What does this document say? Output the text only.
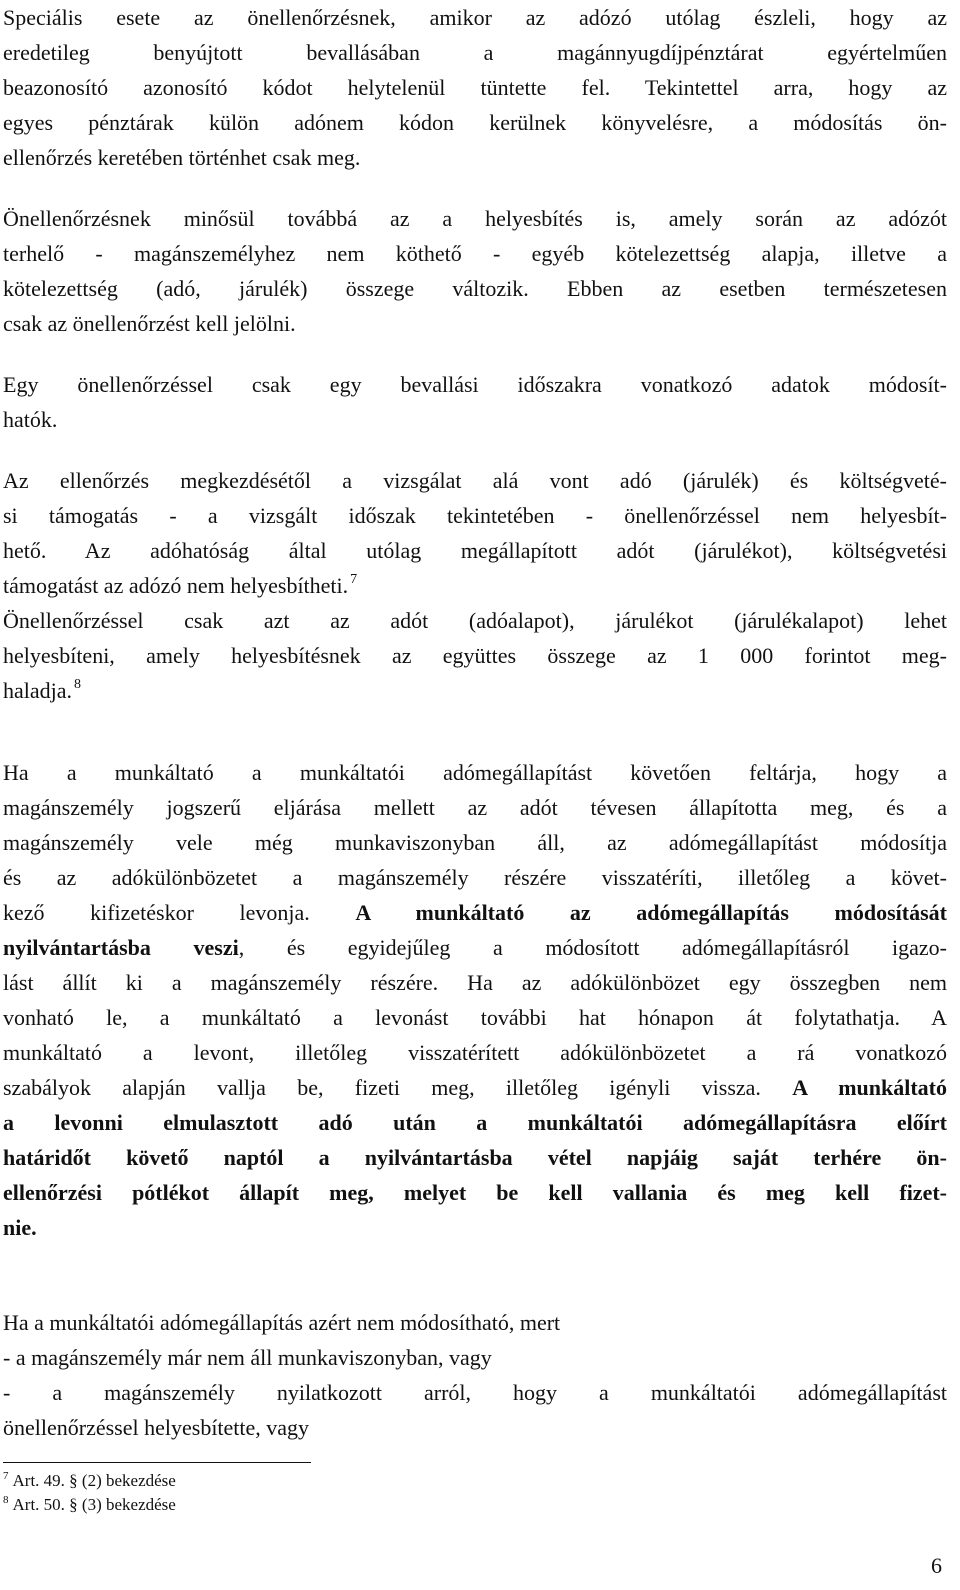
Speciális esete az önellenőrzésnek, amikor az adózó utólag észleli, hogy az
eredetileg benyújtott bevallásában a magánnyugdíjpénztárat egyértelműen
beazonosító azonosító kódot helytelenül tüntette fel. Tekintettel arra, hogy az
egyes pénztárak külön adónem kódon kerülnek könyvelésre, a módosítás ön-
ellenőrzés keretében történhet csak meg.
Önellenőrzésnek minősül továbbá az a helyesbítés is, amely során az adózót
terhelő - magánszemélyhez nem köthető - egyéb kötelezettség alapja, illetve a
kötelezettség (adó, járulék) összege változik. Ebben az esetben természetesen
csak az önellenőrzést kell jelölni.
Egy önellenőrzéssel csak egy bevallási időszakra vonatkozó adatok módosít-
hatók.
Az ellenőrzés megkezdésétől a vizsgálat alá vont adó (járulék) és költségveté-
si támogatás - a vizsgált időszak tekintetében - önellenőrzéssel nem helyesbít-
hető. Az adóhatóság által utólag megállapított adót (járulékot), költségvetési
támogatást az adózó nem helyesbítheti. $^7$
Önellenőrzéssel csak azt az adót (adóalapot), járulékot (járulékalapot) lehet
helyesbíteni, amely helyesbítésnek az együttes összege az 1 000 forintot meg-
haladja. $^8$
Ha a munkáltató a munkáltatói adómegállapítást követően feltárja, hogy a
magánszemély jogszerű eljárása mellett az adót tévesen állapította meg, és a
magánszemély vele még munkaviszonyban áll, az adómegállapítást módosítja
és az adókülönbözetet a magánszemély részére visszatéríti, illetőleg a követ-
kező kifizetéskor levonja. A munkáltató az adómegállapítás módosítását
nyilvántartásba veszi, és egyidejűleg a módosított adómegállapításról igazo-
lást állít ki a magánszemély részére. Ha az adókülönbözet egy összegben nem
vonható le, a munkáltató a levonást további hat hónapon át folytathatja. A
munkáltató a levont, illetőleg visszatérített adókülönbözetet a rá vonatkozó
szabályok alapján vallja be, fizeti meg, illetőleg igényli vissza. A munkáltató
a levonni elmulasztott adó után a munkáltatói adómegállapításra előírt
határidőt követő naptól a nyilvántartásba vétel napjáig saját terhére ön-
ellenőrzési pótlékot állapít meg, melyet be kell vallania és meg kell fizet-
nie.
Ha a munkáltatói adómegállapítás azért nem módosítható, mert
- a magánszemély már nem áll munkaviszonyban, vagy
- a magánszemély nyilatkozott arról, hogy a munkáltatói adómegállapítást
önellenőrzéssel helyesbítette, vagy
$^7$ Art. 49. § (2) bekezdése
$^8$ Art. 50. § (3) bekezdése
6
